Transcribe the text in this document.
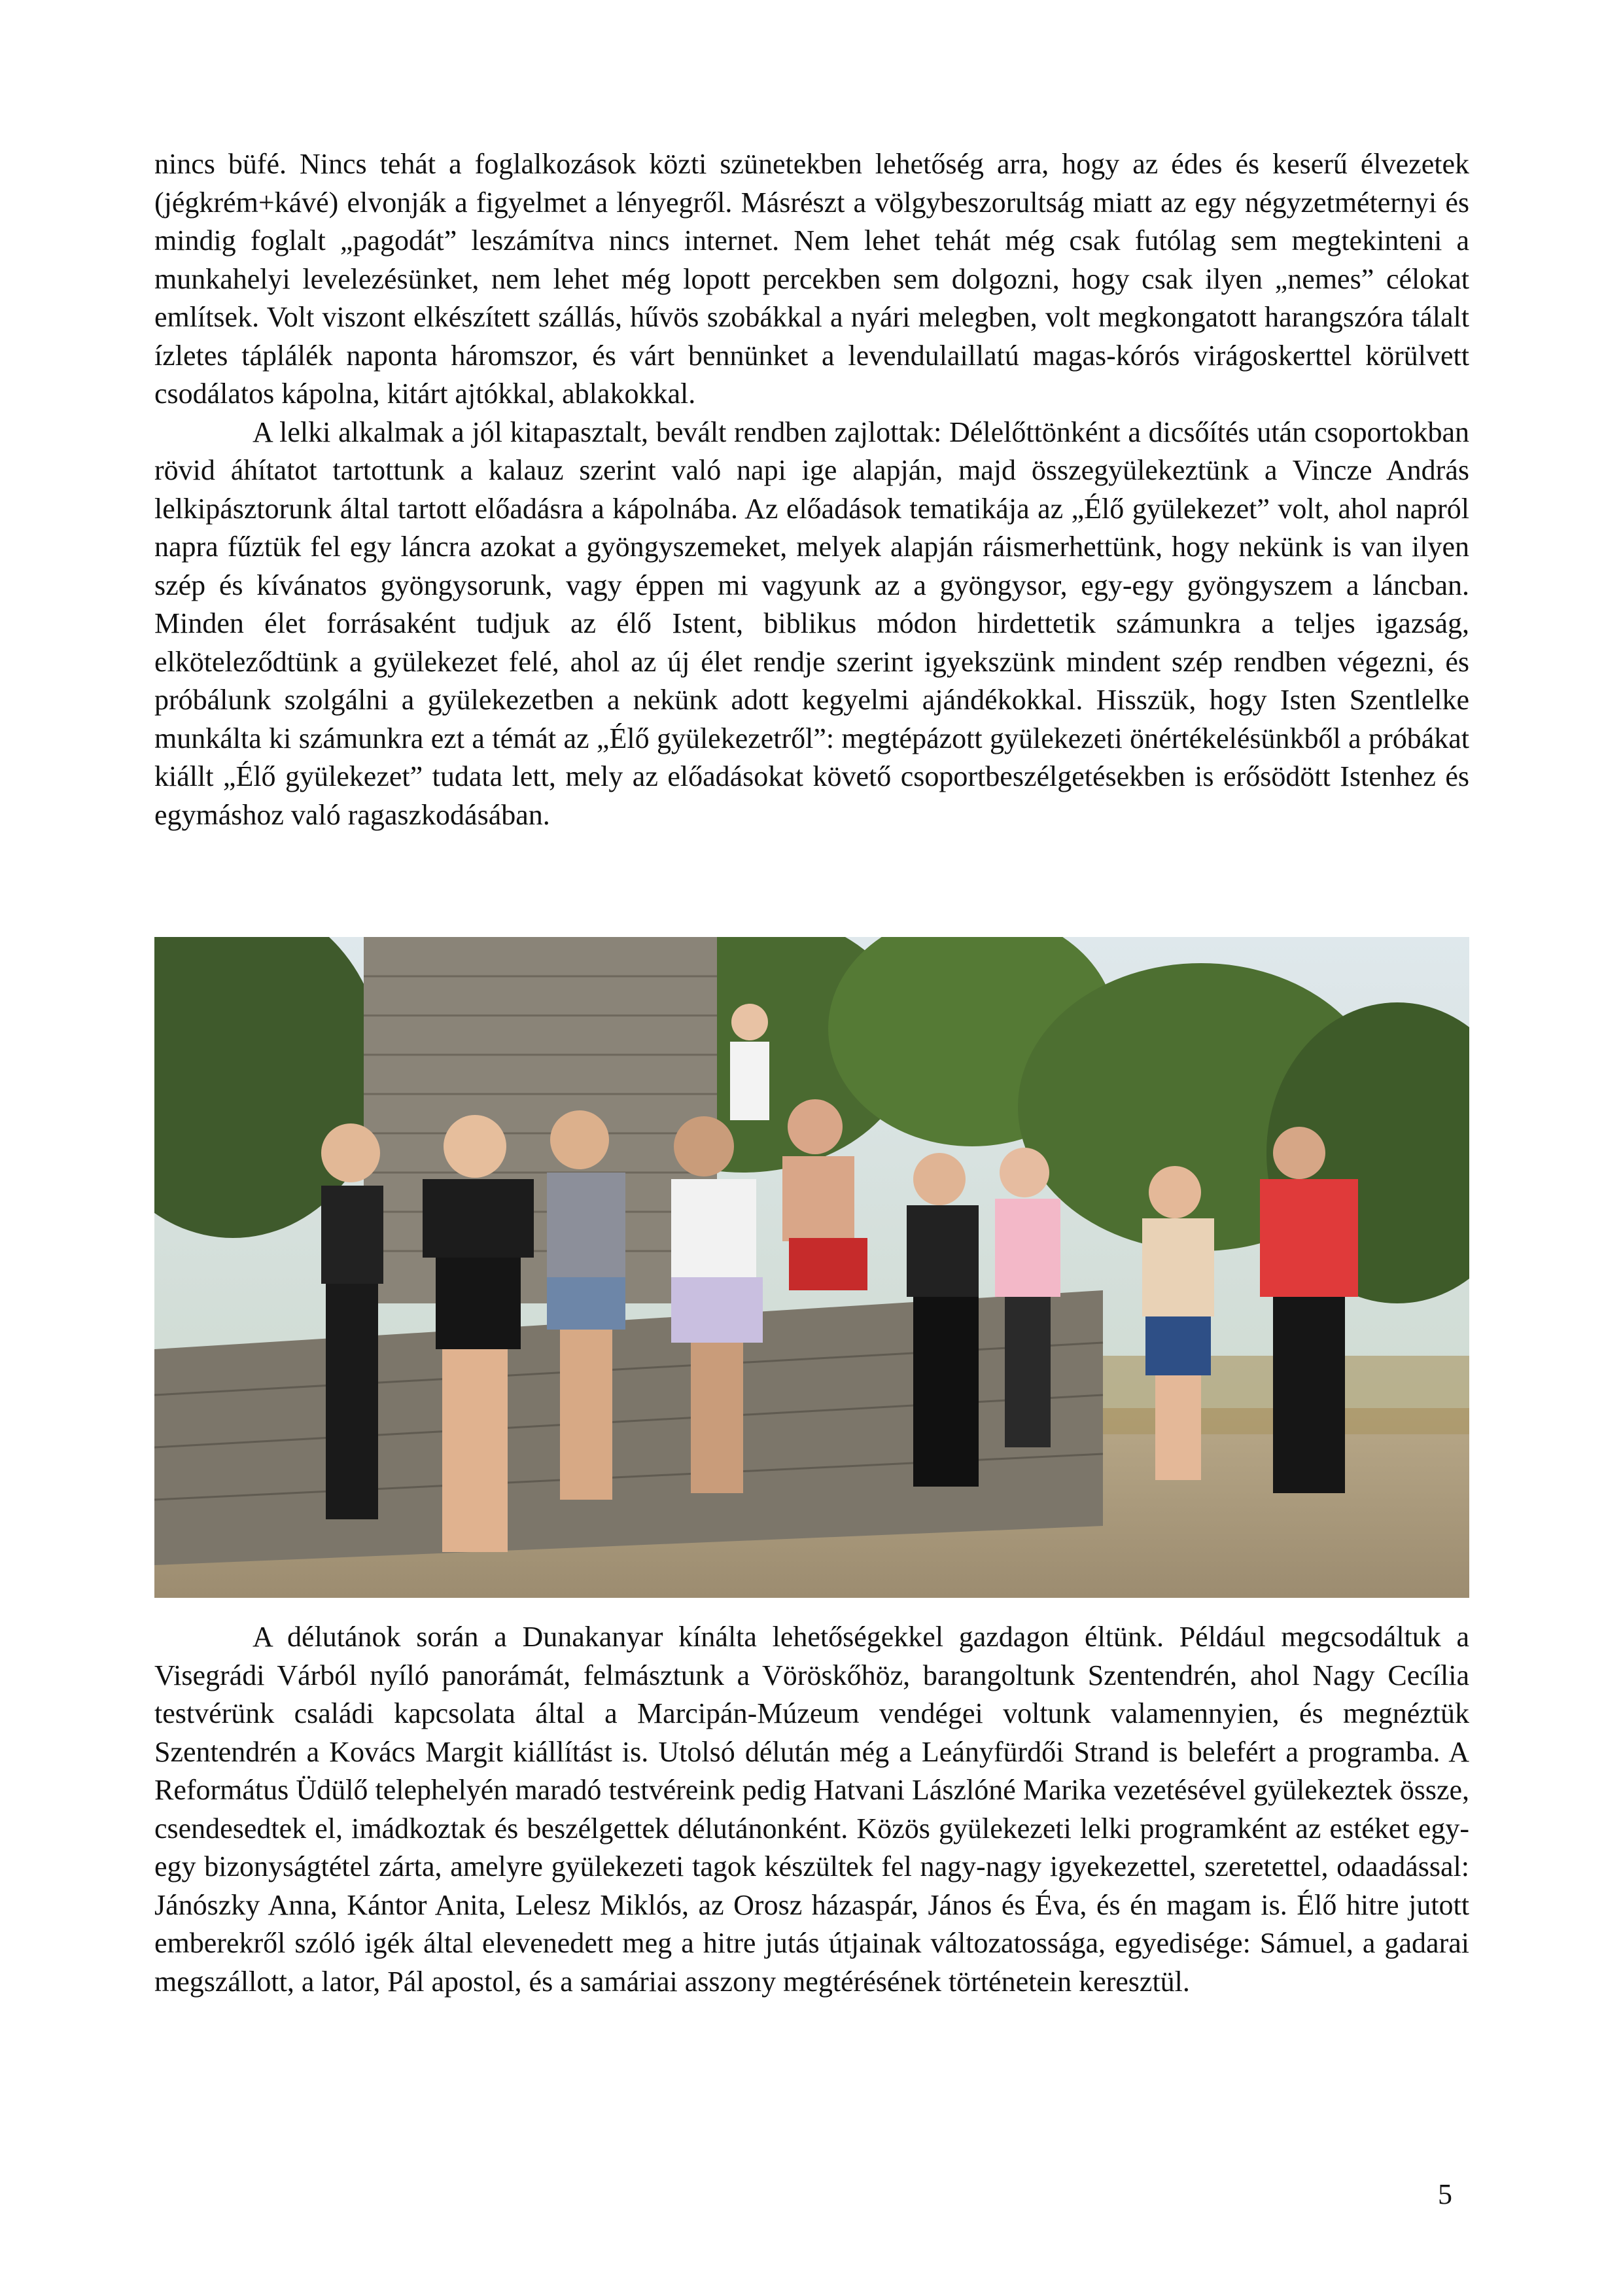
nincs büfé. Nincs tehát a foglalkozások közti szünetekben lehetőség arra, hogy az édes és keserű élvezetek (jégkrém+kávé) elvonják a figyelmet a lényegről. Másrészt a völgybeszorultság miatt az egy négyzetméternyi és mindig foglalt „pagodát” leszámítva nincs internet. Nem lehet tehát még csak futólag sem megtekinteni a munkahelyi levelezésünket, nem lehet még lopott percekben sem dolgozni, hogy csak ilyen „nemes” célokat említsek. Volt viszont elkészített szállás, hűvös szobákkal a nyári melegben, volt megkongatott harangszóra tálalt ízletes táplálék naponta háromszor, és várt bennünket a levendulaillatú magas-kórós virágoskerttel körülvett csodálatos kápolna, kitárt ajtókkal, ablakokkal.

A lelki alkalmak a jól kitapasztalt, bevált rendben zajlottak: Délelőttönként a dicsőítés után csoportokban rövid áhítatot tartottunk a kalauz szerint való napi ige alapján, majd összegyülekeztünk a Vincze András lelkipásztorunk által tartott előadásra a kápolnába. Az előadások tematikája az „Élő gyülekezet” volt, ahol napról napra fűztük fel egy láncra azokat a gyöngyszemeket, melyek alapján ráismerhettünk, hogy nekünk is van ilyen szép és kívánatos gyöngysorunk, vagy éppen mi vagyunk az a gyöngysor, egy-egy gyöngyszem a láncban. Minden élet forrásaként tudjuk az élő Istent, biblikus módon hirdettetik számunkra a teljes igazság, elköteleződtünk a gyülekezet felé, ahol az új élet rendje szerint igyekszünk mindent szép rendben végezni, és próbálunk szolgálni a gyülekezetben a nekünk adott kegyelmi ajándékokkal. Hisszük, hogy Isten Szentlelke munkálta ki számunkra ezt a témát az „Élő gyülekezetről”: megtépázott gyülekezeti önértékelésünkből a próbákat kiállt „Élő gyülekezet” tudata lett, mely az előadásokat követő csoportbeszélgetésekben is erősödött Istenhez és egymáshoz való ragaszkodásában.

A délutánok során a Dunakanyar kínálta lehetőségekkel gazdagon éltünk. Például megcsodáltuk a Visegrádi Várból nyíló panorámát, felmásztunk a Vöröskőhöz, barangoltunk Szentendrén, ahol Nagy Cecília testvérünk családi kapcsolata által a Marcipán-Múzeum vendégei voltunk valamennyien, és megnéztük Szentendrén a Kovács Margit kiállítást is. Utolsó délután még a Leányfürdői Strand is belefért a programba. A Református Üdülő telephelyén maradó testvéreink pedig Hatvani Lászlóné Marika vezetésével gyülekeztek össze, csendesedtek el, imádkoztak és beszélgettek délutánonként. Közös gyülekezeti lelki programként az estéket egy-egy bizonyságtétel zárta, amelyre gyülekezeti tagok készültek fel nagy-nagy igyekezettel, szeretettel, odaadással: Jánószky Anna, Kántor Anita, Lelesz Miklós, az Orosz házaspár, János és Éva, és én magam is. Élő hitre jutott emberekről szóló igék által elevenedett meg a hitre jutás útjainak változatossága, egyedisége: Sámuel, a gadarai megszállott, a lator, Pál apostol, és a samáriai asszony megtérésének történetein keresztül.

5
